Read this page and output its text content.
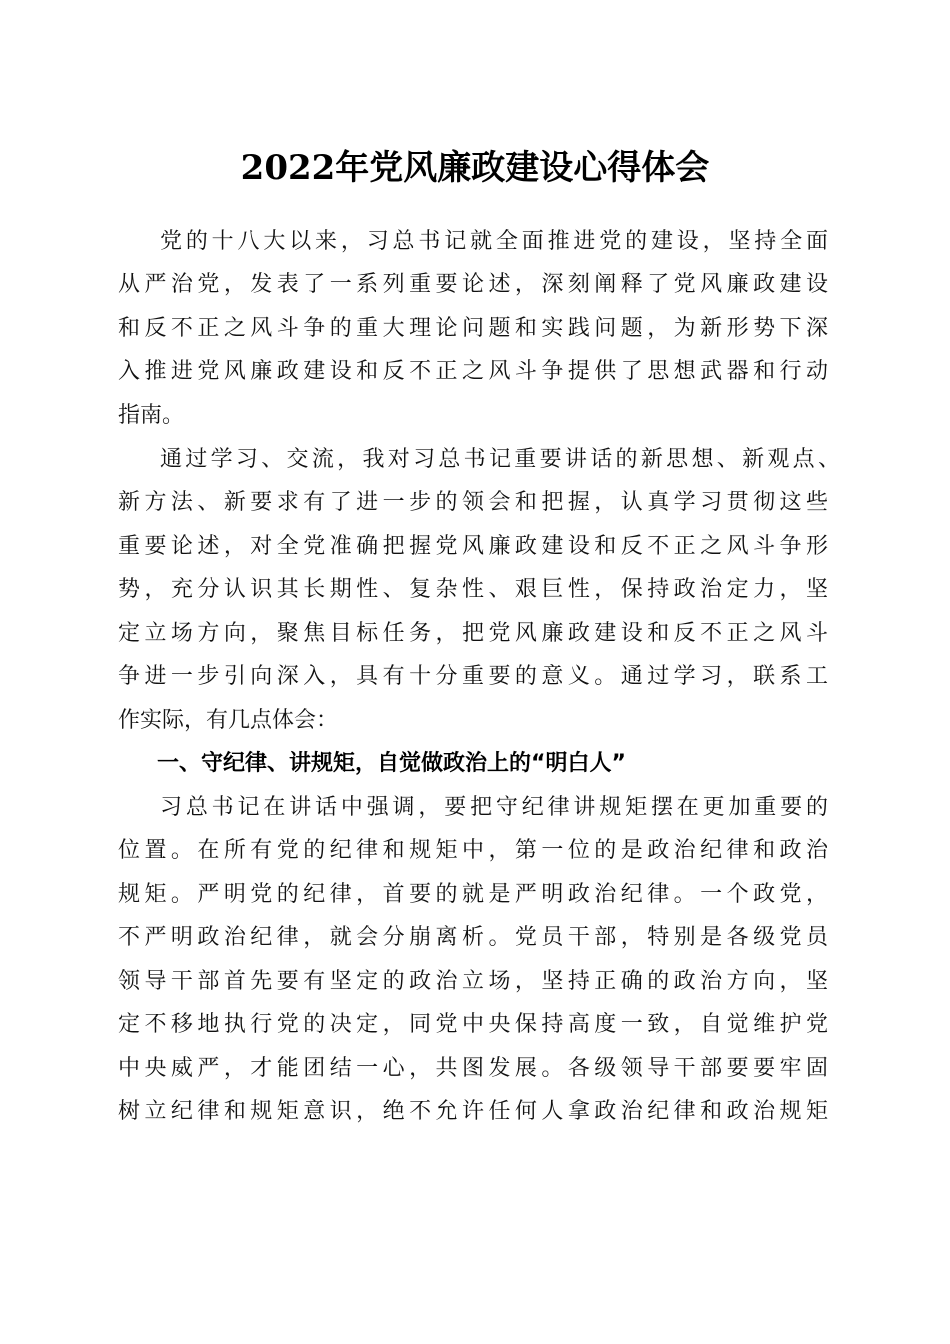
2022年党风廉政建设心得体会
党的十八大以来，习总书记就全面推进党的建设，坚持全面
从严治党，发表了一系列重要论述，深刻阐释了党风廉政建设
和反不正之风斗争的重大理论问题和实践问题，为新形势下深
入推进党风廉政建设和反不正之风斗争提供了思想武器和行动
指南。
通过学习、交流，我对习总书记重要讲话的新思想、新观点、
新方法、新要求有了进一步的领会和把握，认真学习贯彻这些
重要论述，对全党准确把握党风廉政建设和反不正之风斗争形
势，充分认识其长期性、复杂性、艰巨性，保持政治定力，坚
定立场方向，聚焦目标任务，把党风廉政建设和反不正之风斗
争进一步引向深入，具有十分重要的意义。通过学习，联系工
作实际，有几点体会：
一、守纪律、讲规矩，自觉做政治上的“明白人”
习总书记在讲话中强调，要把守纪律讲规矩摆在更加重要的
位置。在所有党的纪律和规矩中，第一位的是政治纪律和政治
规矩。严明党的纪律，首要的就是严明政治纪律。一个政党，
不严明政治纪律，就会分崩离析。党员干部，特别是各级党员
领导干部首先要有坚定的政治立场，坚持正确的政治方向，坚
定不移地执行党的决定，同党中央保持高度一致，自觉维护党
中央威严，才能团结一心，共图发展。各级领导干部要要牢固
树立纪律和规矩意识，绝不允许任何人拿政治纪律和政治规矩
